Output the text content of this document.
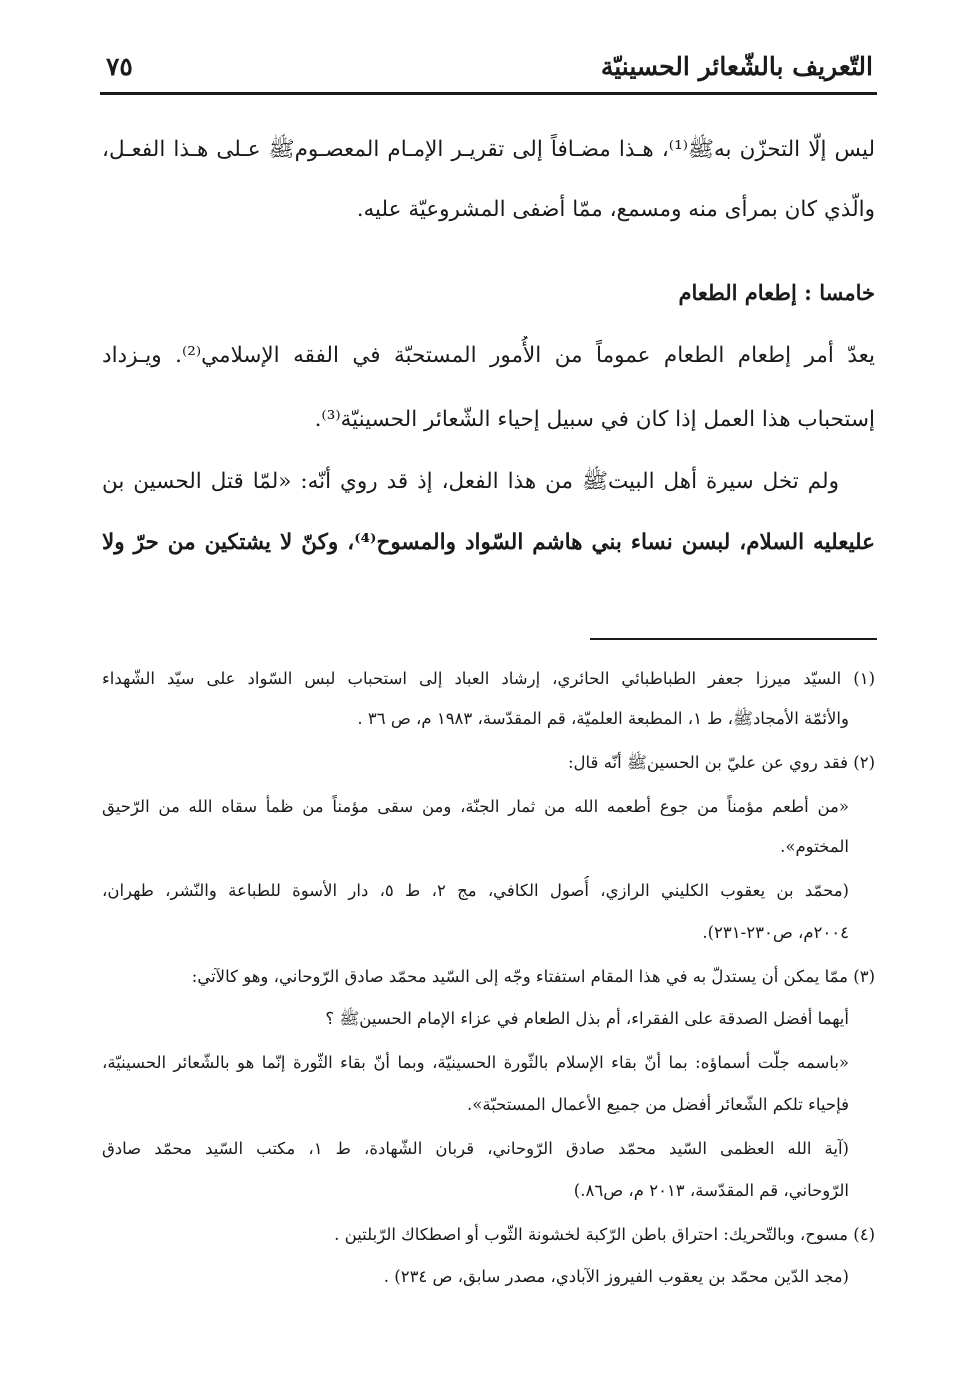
التّعريف بالشّعائر الحسينيّة
٧٥
ليس إلّا التحزّن بهﷺ⁽¹⁾، هـذا مضـافاً إلى تقريـر الإمـام المعصـومﷺ عـلى هـذا الفعـل،
والّذي كان بمرأى منه ومسمع، ممّا أضفى المشروعيّة عليه.
خامسا : إطعام الطعام
يعدّ أمر إطعام الطعام عموماً من الأُمور المستحبّة في الفقه الإسلامي⁽²⁾. ويـزداد
إستحباب هذا العمل إذا كان في سبيل إحياء الشّعائر الحسينيّة⁽³⁾.
ولم تخل سيرة أهل البيتﷺ من هذا الفعل، إذ قد روي أنّه: «لمّا قتل الحسين بن
عليعليه السلام، لبسن نساء بني هاشم السّواد والمسوح⁽⁴⁾، وكنّ لا يشتكين من حرّ ولا
(١) السيّد ميرزا جعفر الطباطبائي الحائري، إرشاد العباد إلى استحباب لبس السّواد على سيّد الشّهداء
والأئمّة الأمجادﷺ، ط ١، المطبعة العلميّة، قم المقدّسة، ١٩٨٣ م، ص ٣٦ .
(٢) فقد روي عن عليّ بن الحسينﷺ أنّه قال:
«من أطعم مؤمناً من جوع أطعمه الله من ثمار الجنّة، ومن سقى مؤمناً من ظمأ سقاه الله من الرّحيق
المختوم».
(محمّد بن يعقوب الكليني الرازي، أُصول الكافي، مج ٢، ط ٥، دار الأسوة للطباعة والنّشر، طهران،
٢٠٠٤م، ص٢٣٠-٢٣١).
(٣) ممّا يمكن أن يستدلّ به في هذا المقام استفتاء وجّه إلى السّيد محمّد صادق الرّوحاني، وهو كالآتي:
أيهما أفضل الصدقة على الفقراء، أم بذل الطعام في عزاء الإمام الحسينﷺ ؟
«باسمه جلّت أسماؤه: بما أنّ بقاء الإسلام بالثّورة الحسينيّة، وبما أنّ بقاء الثّورة إنّما هو بالشّعائر الحسينيّة،
فإحياء تلكم الشّعائر أفضل من جميع الأعمال المستحبّة».
(آية الله العظمى السّيد محمّد صادق الرّوحاني، قربان الشّهادة، ط ١، مكتب السّيد محمّد صادق
الرّوحاني، قم المقدّسة، ٢٠١٣ م، ص٨٦.)
(٤) مسوح، وبالتّحريك: احتراق باطن الرّكبة لخشونة الثّوب أو اصطكاك الرّبلتين .
(مجد الدّين محمّد بن يعقوب الفيروز الآبادي، مصدر سابق، ص ٢٣٤) .
